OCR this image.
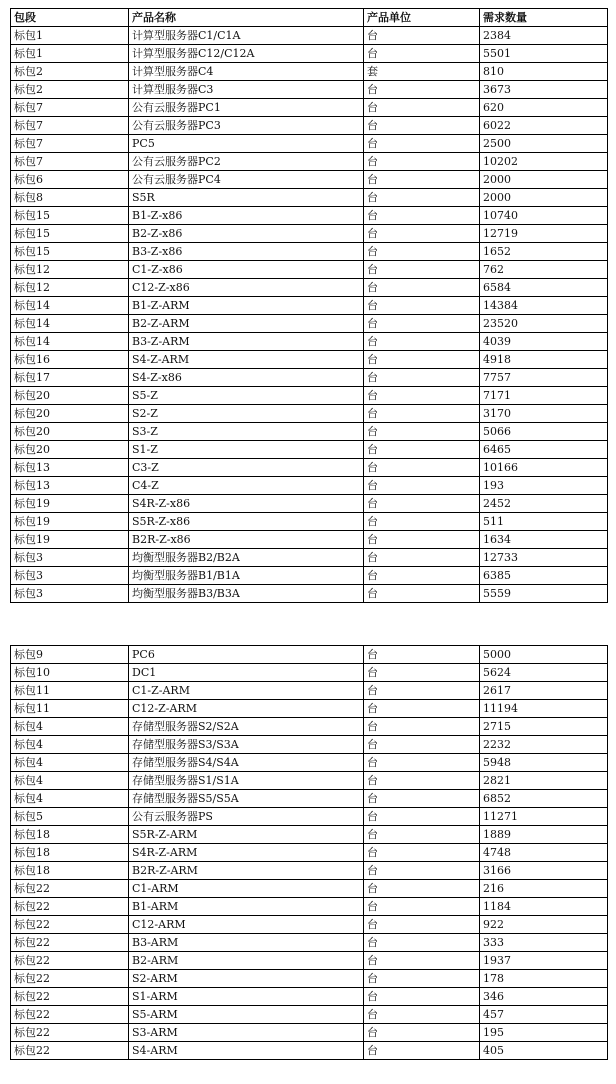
包段	产品名称	产品单位	需求数量
标包1	计算型服务器C1/C1A	台	2384
标包1	计算型服务器C12/C12A	台	5501
标包2	计算型服务器C4	套	810
标包2	计算型服务器C3	台	3673
标包7	公有云服务器PC1	台	620
标包7	公有云服务器PC3	台	6022
标包7	PC5	台	2500
标包7	公有云服务器PC2	台	10202
标包6	公有云服务器PC4	台	2000
标包8	S5R	台	2000
标包15	B1-Z-x86	台	10740
标包15	B2-Z-x86	台	12719
标包15	B3-Z-x86	台	1652
标包12	C1-Z-x86	台	762
标包12	C12-Z-x86	台	6584
标包14	B1-Z-ARM	台	14384
标包14	B2-Z-ARM	台	23520
标包14	B3-Z-ARM	台	4039
标包16	S4-Z-ARM	台	4918
标包17	S4-Z-x86	台	7757
标包20	S5-Z	台	7171
标包20	S2-Z	台	3170
标包20	S3-Z	台	5066
标包20	S1-Z	台	6465
标包13	C3-Z	台	10166
标包13	C4-Z	台	193
标包19	S4R-Z-x86	台	2452
标包19	S5R-Z-x86	台	511
标包19	B2R-Z-x86	台	1634
标包3	均衡型服务器B2/B2A	台	12733
标包3	均衡型服务器B1/B1A	台	6385
标包3	均衡型服务器B3/B3A	台	5559
标包9	PC6	台	5000
标包10	DC1	台	5624
标包11	C1-Z-ARM	台	2617
标包11	C12-Z-ARM	台	11194
标包4	存储型服务器S2/S2A	台	2715
标包4	存储型服务器S3/S3A	台	2232
标包4	存储型服务器S4/S4A	台	5948
标包4	存储型服务器S1/S1A	台	2821
标包4	存储型服务器S5/S5A	台	6852
标包5	公有云服务器PS	台	11271
标包18	S5R-Z-ARM	台	1889
标包18	S4R-Z-ARM	台	4748
标包18	B2R-Z-ARM	台	3166
标包22	C1-ARM	台	216
标包22	B1-ARM	台	1184
标包22	C12-ARM	台	922
标包22	B3-ARM	台	333
标包22	B2-ARM	台	1937
标包22	S2-ARM	台	178
标包22	S1-ARM	台	346
标包22	S5-ARM	台	457
标包22	S3-ARM	台	195
标包22	S4-ARM	台	405
